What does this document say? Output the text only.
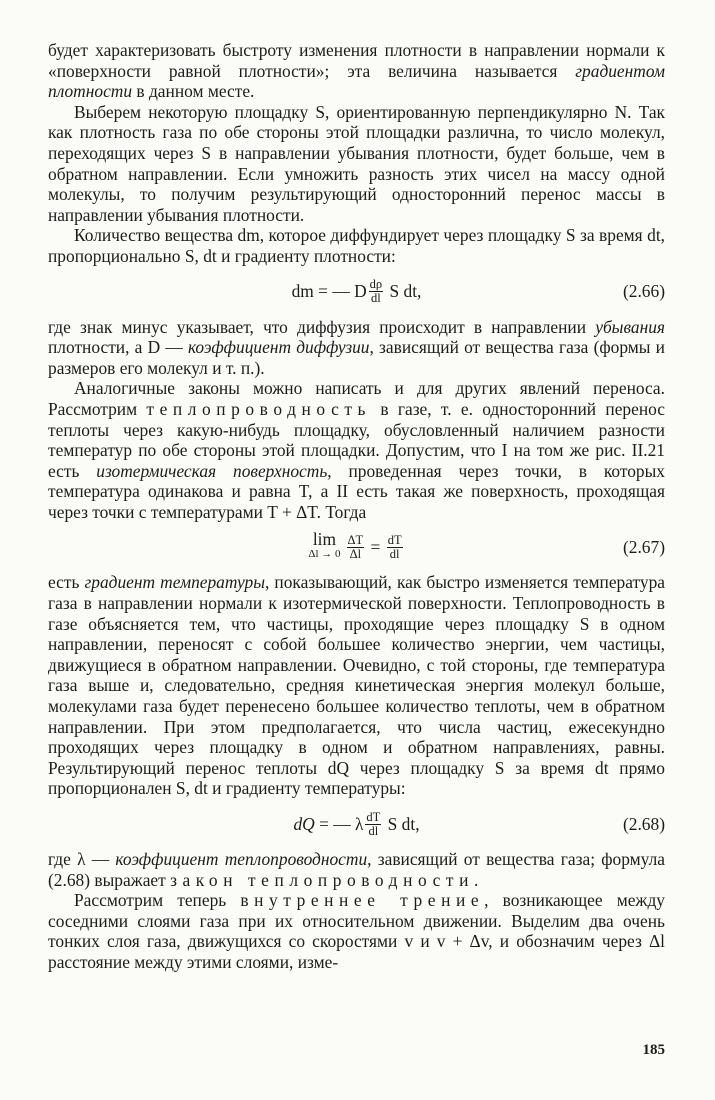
будет характеризовать быстроту изменения плотности в направлении нормали к «поверхности равной плотности»; эта величина называется градиентом плотности в данном месте.

Выберем некоторую площадку S, ориентированную перпендикулярно N. Так как плотность газа по обе стороны этой площадки различна, то число молекул, переходящих через S в направлении убывания плотности, будет больше, чем в обратном направлении. Если умножить разность этих чисел на массу одной молекулы, то получим результирующий односторонний перенос массы в направлении убывания плотности.

Количество вещества dm, которое диффундирует через площадку S за время dt, пропорционально S, dt и градиенту плотности:

dm = — D $\frac{d\rho}{dl}$ S dt,	(2.66)

где знак минус указывает, что диффузия происходит в направлении убывания плотности, а D — коэффициент диффузии, зависящий от вещества газа (формы и размеров его молекул и т. п.).

Аналогичные законы можно написать и для других явлений переноса. Рассмотрим теплопроводность в газе, т. е. односторонний перенос теплоты через какую-нибудь площадку, обусловленный наличием разности температур по обе стороны этой площадки. Допустим, что I на том же рис. II.21 есть изотермическая поверхность, проведенная через точки, в которых температура одинакова и равна T, а II есть такая же поверхность, проходящая через точки с температурами T + ΔT. Тогда

lim
$\Delta l \to 0 \frac{\Delta T}{\Delta l} = \frac{dT}{dl}$	(2.67)

есть градиент температуры, показывающий, как быстро изменяется температура газа в направлении нормали к изотермической поверхности. Теплопроводность в газе объясняется тем, что частицы, проходящие через площадку S в одном направлении, переносят с собой большее количество энергии, чем частицы, движущиеся в обратном направлении. Очевидно, с той стороны, где температура газа выше и, следовательно, средняя кинетическая энергия молекул больше, молекулами газа будет перенесено большее количество теплоты, чем в обратном направлении. При этом предполагается, что числа частиц, ежесекундно проходящих через площадку в одном и обратном направлениях, равны. Результирующий перенос теплоты dQ через площадку S за время dt прямо пропорционален S, dt и градиенту температуры:

dQ = — λ $\frac{dT}{dl}$ S dt,	(2.68)

где λ — коэффициент теплопроводности, зависящий от вещества газа; формула (2.68) выражает закон теплопроводности.

Рассмотрим теперь внутреннее трение, возникающее между соседними слоями газа при их относительном движении. Выделим два очень тонких слоя газа, движущихся со скоростями v и v + Δv, и обозначим через Δl расстояние между этими слоями, изме-

185
